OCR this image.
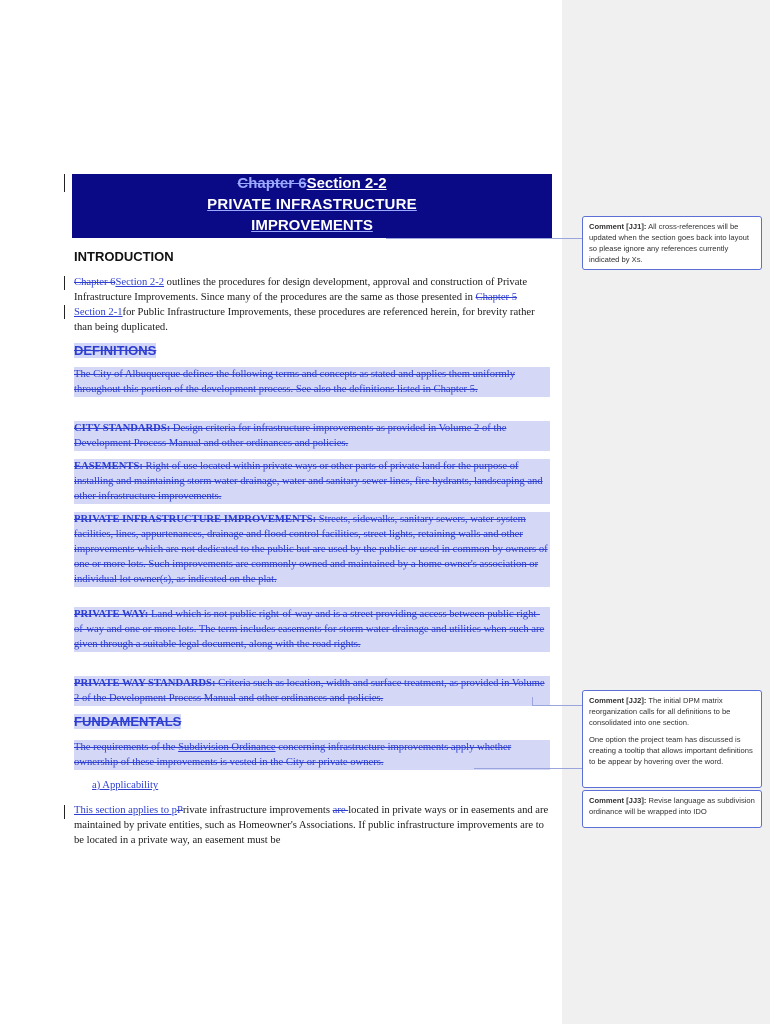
Chapter 6Section 2-2
PRIVATE INFRASTRUCTURE
IMPROVEMENTS
INTRODUCTION
Chapter 6Section 2-2 outlines the procedures for design development, approval and construction of Private Infrastructure Improvements. Since many of the procedures are the same as those presented in Chapter 5 Section 2-1for Public Infrastructure Improvements, these procedures are referenced herein, for brevity rather than being duplicated.
DEFINITIONS
The City of Albuquerque defines the following terms and concepts as stated and applies them uniformly throughout this portion of the development process. See also the definitions listed in Chapter 5.
CITY STANDARDS: Design criteria for infrastructure improvements as provided in Volume 2 of the Development Process Manual and other ordinances and policies.
EASEMENTS: Right of use located within private ways or other parts of private land for the purpose of installing and maintaining storm water drainage, water and sanitary sewer lines, fire hydrants, landscaping and other infrastructure improvements.
PRIVATE INFRASTRUCTURE IMPROVEMENTS: Streets, sidewalks, sanitary sewers, water system facilities, lines, appurtenances, drainage and flood control facilities, street lights, retaining walls and other improvements which are not dedicated to the public but are used by the public or used in common by owners of one or more lots. Such improvements are commonly owned and maintained by a home owner's association or individual lot owner(s), as indicated on the plat.
PRIVATE WAY: Land which is not public right-of-way and is a street providing access between public right-of-way and one or more lots. The term includes easements for storm water drainage and utilities when such are given through a suitable legal document, along with the road rights.
PRIVATE WAY STANDARDS: Criteria such as location, width and surface treatment, as provided in Volume 2 of the Development Process Manual and other ordinances and policies.
FUNDAMENTALS
The requirements of the Subdivision Ordinance concerning infrastructure improvements apply whether ownership of these improvements is vested in the City or private owners.
a) Applicability
This section applies to pPrivate infrastructure improvements are located in private ways or in easements and are maintained by private entities, such as Homeowner's Associations. If public infrastructure improvements are to be located in a private way, an easement must be

Comment [JJ1]: All cross-references will be updated when the section goes back into layout so please ignore any references currently indicated by Xs.

Comment [JJ2]: The initial DPM matrix reorganization calls for all definitions to be consolidated into one section.

One option the project team has discussed is creating a tooltip that allows important definitions to be appear by hovering over the word.

Comment [JJ3]: Revise language as subdivision ordinance will be wrapped into IDO
